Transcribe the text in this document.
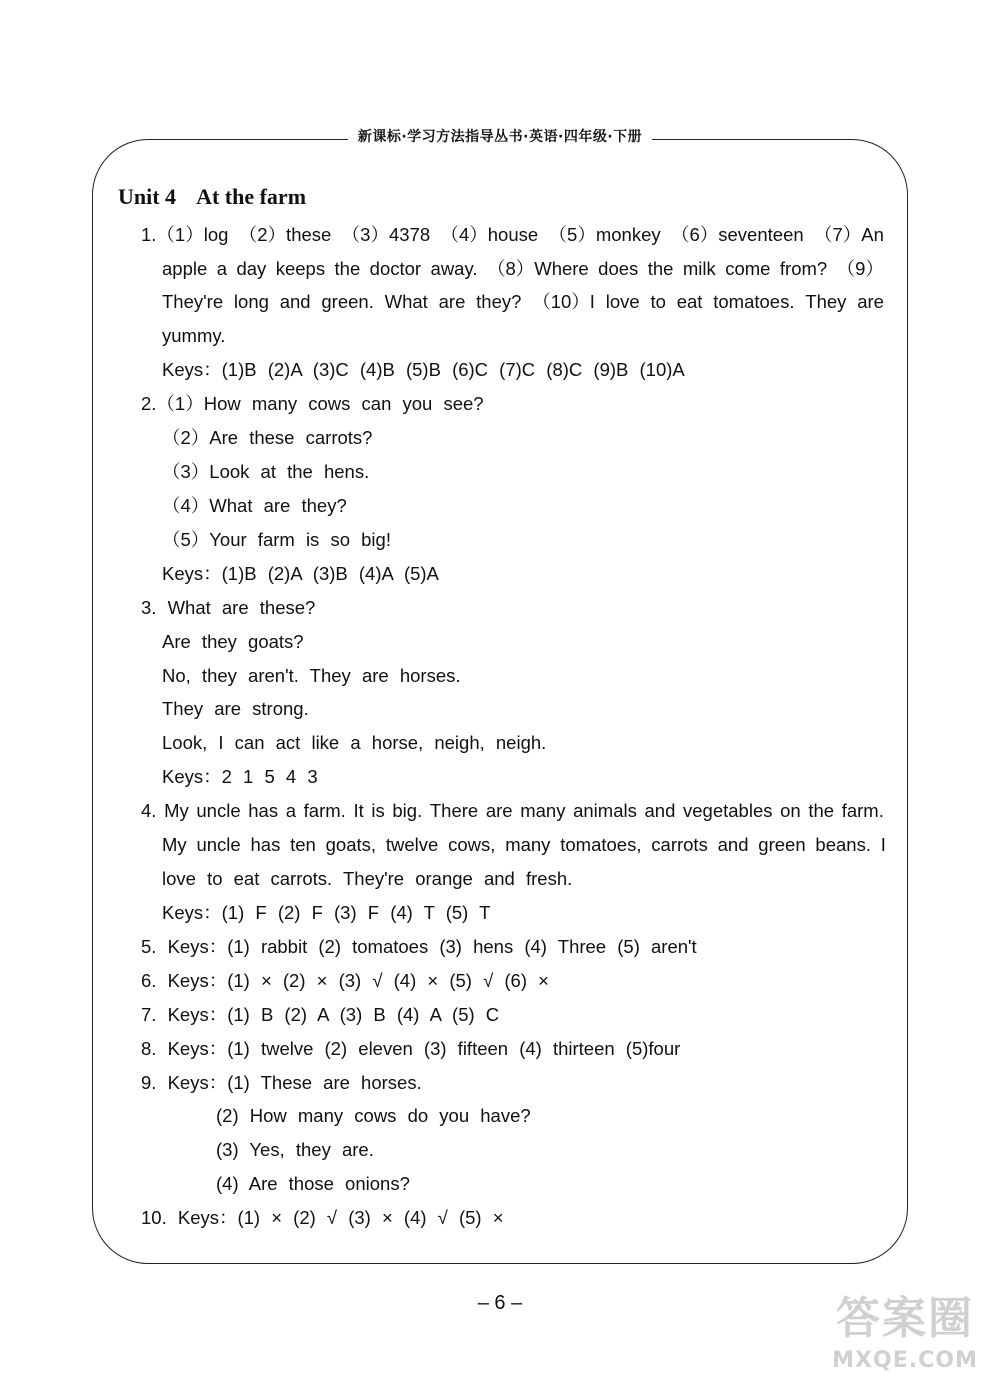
新课标·学习方法指导丛书·英语·四年级·下册
Unit 4 At the farm
1.（1）log （2）these （3）4378 （4）house （5）monkey （6）seventeen （7）An
apple a day keeps the doctor away. （8）Where does the milk come from? （9）
They're long and green. What are they? （10）I love to eat tomatoes. They are
yummy.
Keys：(1)B (2)A (3)C (4)B (5)B (6)C (7)C (8)C (9)B (10)A
2.（1）How many cows can you see?
（2）Are these carrots?
（3）Look at the hens.
（4）What are they?
（5）Your farm is so big!
Keys：(1)B (2)A (3)B (4)A (5)A
3. What are these?
Are they goats?
No, they aren't. They are horses.
They are strong.
Look, I can act like a horse, neigh, neigh.
Keys：2 1 5 4 3
4. My uncle has a farm. It is big. There are many animals and vegetables on the farm.
My uncle has ten goats, twelve cows, many tomatoes, carrots and green beans. I
love to eat carrots. They're orange and fresh.
Keys：(1) F (2) F (3) F (4) T (5) T
5. Keys：(1) rabbit (2) tomatoes (3) hens (4) Three (5) aren't
6. Keys：(1) × (2) × (3) √ (4) × (5) √ (6) ×
7. Keys：(1) B (2) A (3) B (4) A (5) C
8. Keys：(1) twelve (2) eleven (3) fifteen (4) thirteen (5)four
9. Keys：(1) These are horses.
(2) How many cows do you have?
(3) Yes, they are.
(4) Are those onions?
10. Keys：(1) × (2) √ (3) × (4) √ (5) ×
– 6 –	答案圈
MXQE.COM
